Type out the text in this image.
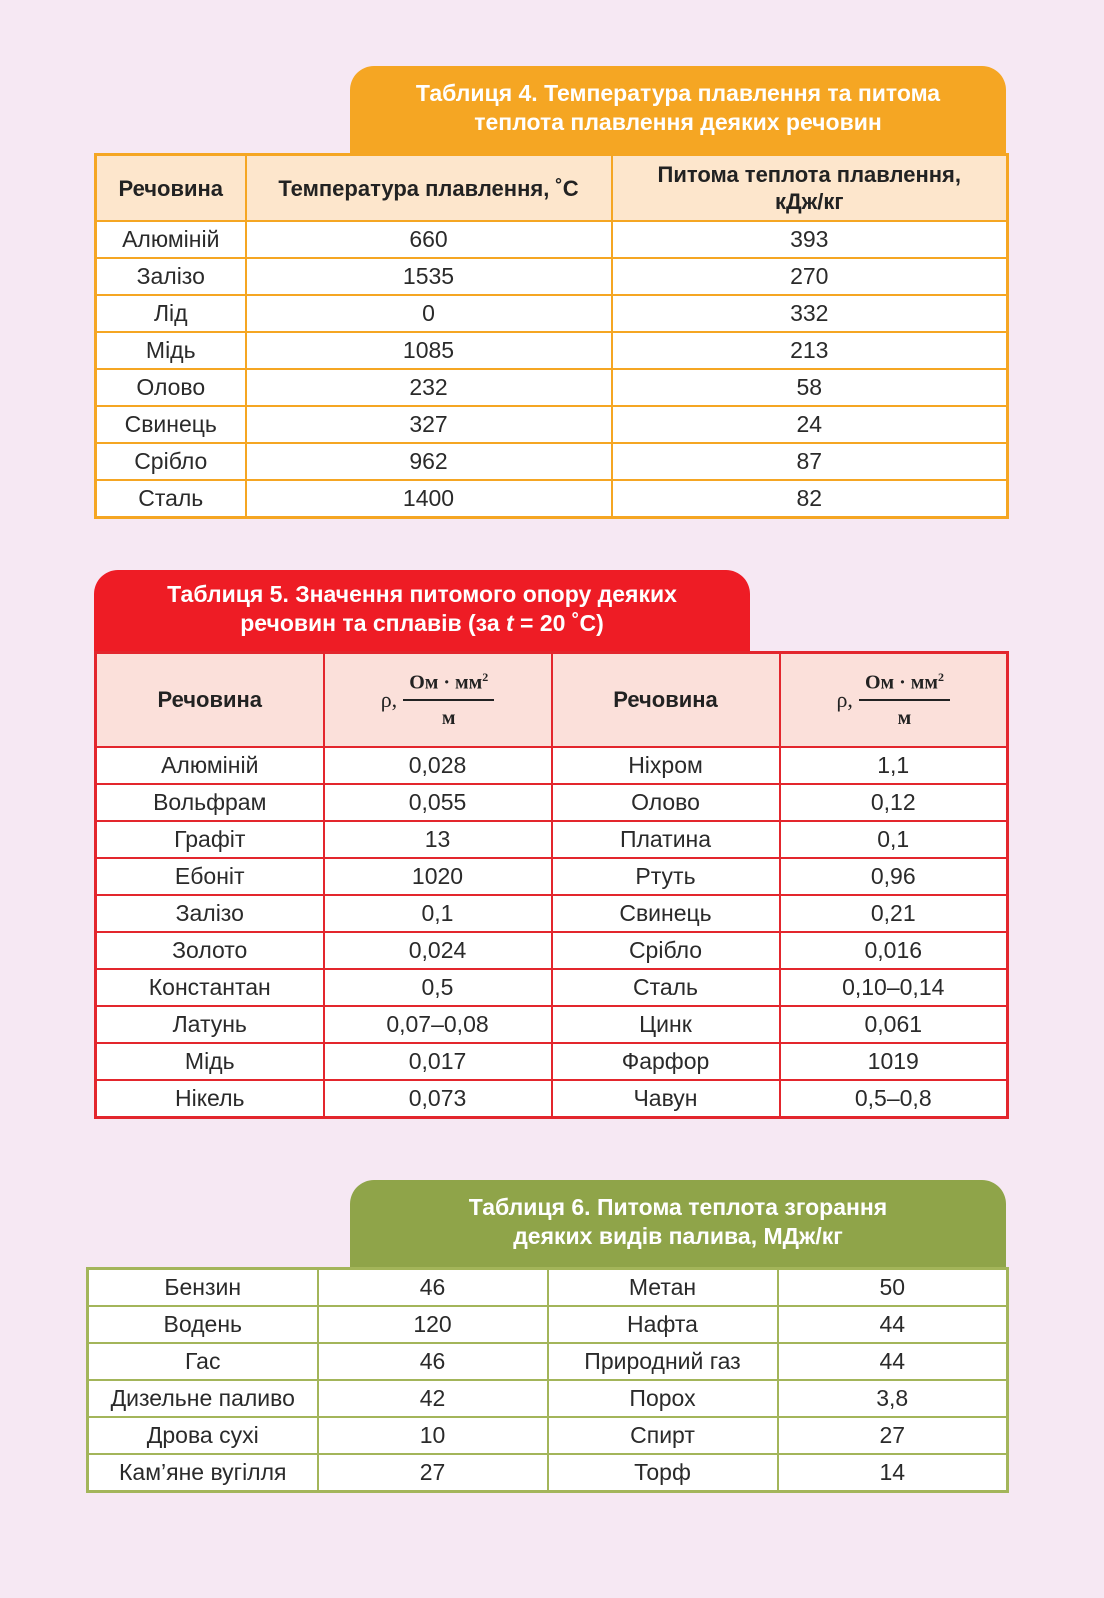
Таблиця 4. Температура плавлення та питома
теплота плавлення деяких речовин
Речовина	Температура плавлення, ˚С	Питома теплота плавлення,
кДж/кг

Алюміній	660	393
Залізо	1535	270
Лід	0	332
Мідь	1085	213
Олово	232	58
Свинець	327	24
Срібло	962	87
Сталь	1400	82
Таблиця 5. Значення питомого опору деяких
речовин та сплавів (за t = 20 ˚С)
Речовина	ρ, $\frac{Ом \cdot мм^2}{м}$	Речовина	ρ, $\frac{Ом \cdot мм^2}{м}$

Алюміній	0,028	Ніхром	1,1
Вольфрам	0,055	Олово	0,12
Графіт	13	Платина	0,1
Ебоніт	1020	Ртуть	0,96
Залізо	0,1	Свинець	0,21
Золото	0,024	Срібло	0,016
Константан	0,5	Сталь	0,10–0,14
Латунь	0,07–0,08	Цинк	0,061
Мідь	0,017	Фарфор	1019
Нікель	0,073	Чавун	0,5–0,8
Таблиця 6. Питома теплота згорання
деяких видів палива, МДж/кг
Бензин	46	Метан	50
Водень	120	Нафта	44
Гас	46	Природний газ	44
Дизельне паливо	42	Порох	3,8
Дрова сухі	10	Спирт	27
Кам’яне вугілля	27	Торф	14
